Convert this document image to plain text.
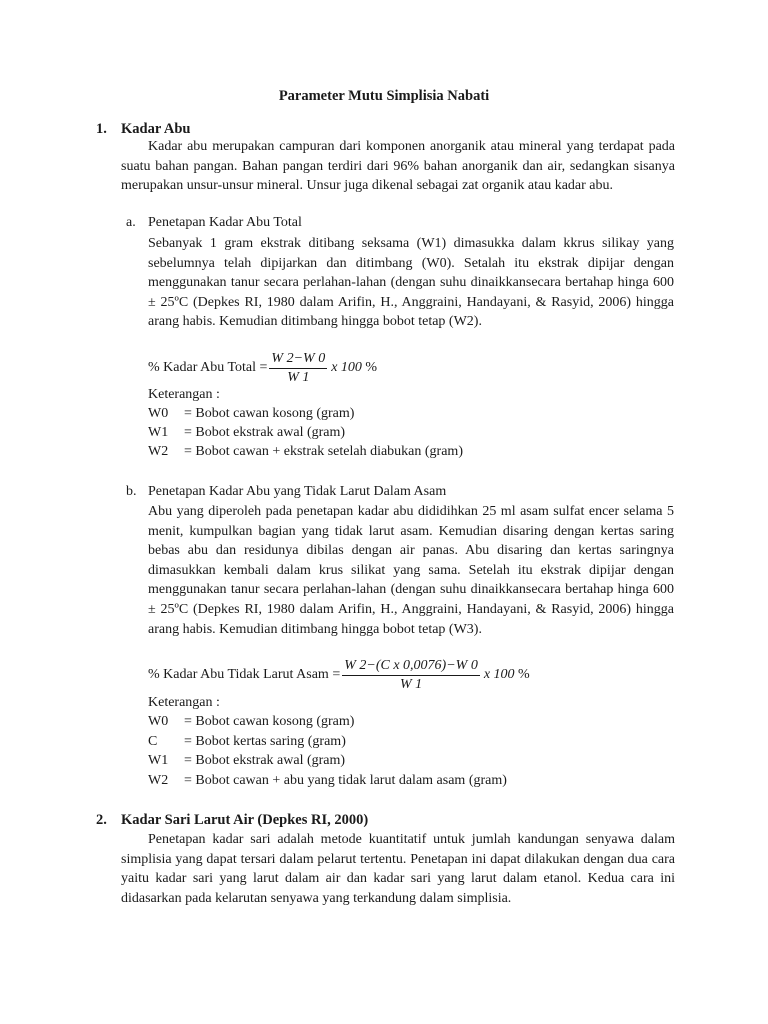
Parameter Mutu Simplisia Nabati
1. Kadar Abu
Kadar abu merupakan campuran dari komponen anorganik atau mineral yang terdapat pada suatu bahan pangan. Bahan pangan terdiri dari 96% bahan anorganik dan air, sedangkan sisanya merupakan unsur-unsur mineral. Unsur juga dikenal sebagai zat organik atau kadar abu.
a. Penetapan Kadar Abu Total
Sebanyak 1 gram ekstrak ditibang seksama (W1) dimasukka dalam kkrus silikay yang sebelumnya telah dipijarkan dan ditimbang (W0). Setalah itu ekstrak dipijar dengan menggunakan tanur secara perlahan-lahan (dengan suhu dinaikkansecara bertahap hinga 600 ± 25ºC (Depkes RI, 1980 dalam Arifin, H., Anggraini, Handayani, & Rasyid, 2006) hingga arang habis. Kemudian ditimbang hingga bobot tetap (W2).
% Kadar Abu Total = $\frac{W 2-W 0}{W 1}$ x 100 %
Keterangan :
W0 = Bobot cawan kosong (gram)
W1 = Bobot ekstrak awal (gram)
W2 = Bobot cawan + ekstrak setelah diabukan (gram)
b. Penetapan Kadar Abu yang Tidak Larut Dalam Asam
Abu yang diperoleh pada penetapan kadar abu dididihkan 25 ml asam sulfat encer selama 5 menit, kumpulkan bagian yang tidak larut asam. Kemudian disaring dengan kertas saring bebas abu dan residunya dibilas dengan air panas. Abu disaring dan kertas saringnya dimasukkan kembali dalam krus silikat yang sama. Setelah itu ekstrak dipijar dengan menggunakan tanur secara perlahan-lahan (dengan suhu dinaikkansecara bertahap hinga 600 ± 25ºC (Depkes RI, 1980 dalam Arifin, H., Anggraini, Handayani, & Rasyid, 2006) hingga arang habis. Kemudian ditimbang hingga bobot tetap (W3).
% Kadar Abu Tidak Larut Asam = $\frac{\text{W 2−(C x 0,0076)−W 0}}{W 1}$ x 100 %
Keterangan :
W0 = Bobot cawan kosong (gram)
C = Bobot kertas saring (gram)
W1 = Bobot ekstrak awal (gram)
W2 = Bobot cawan + abu yang tidak larut dalam asam (gram)
2. Kadar Sari Larut Air (Depkes RI, 2000)
Penetapan kadar sari adalah metode kuantitatif untuk jumlah kandungan senyawa dalam simplisia yang dapat tersari dalam pelarut tertentu. Penetapan ini dapat dilakukan dengan dua cara yaitu kadar sari yang larut dalam air dan kadar sari yang larut dalam etanol. Kedua cara ini didasarkan pada kelarutan senyawa yang terkandung dalam simplisia.
